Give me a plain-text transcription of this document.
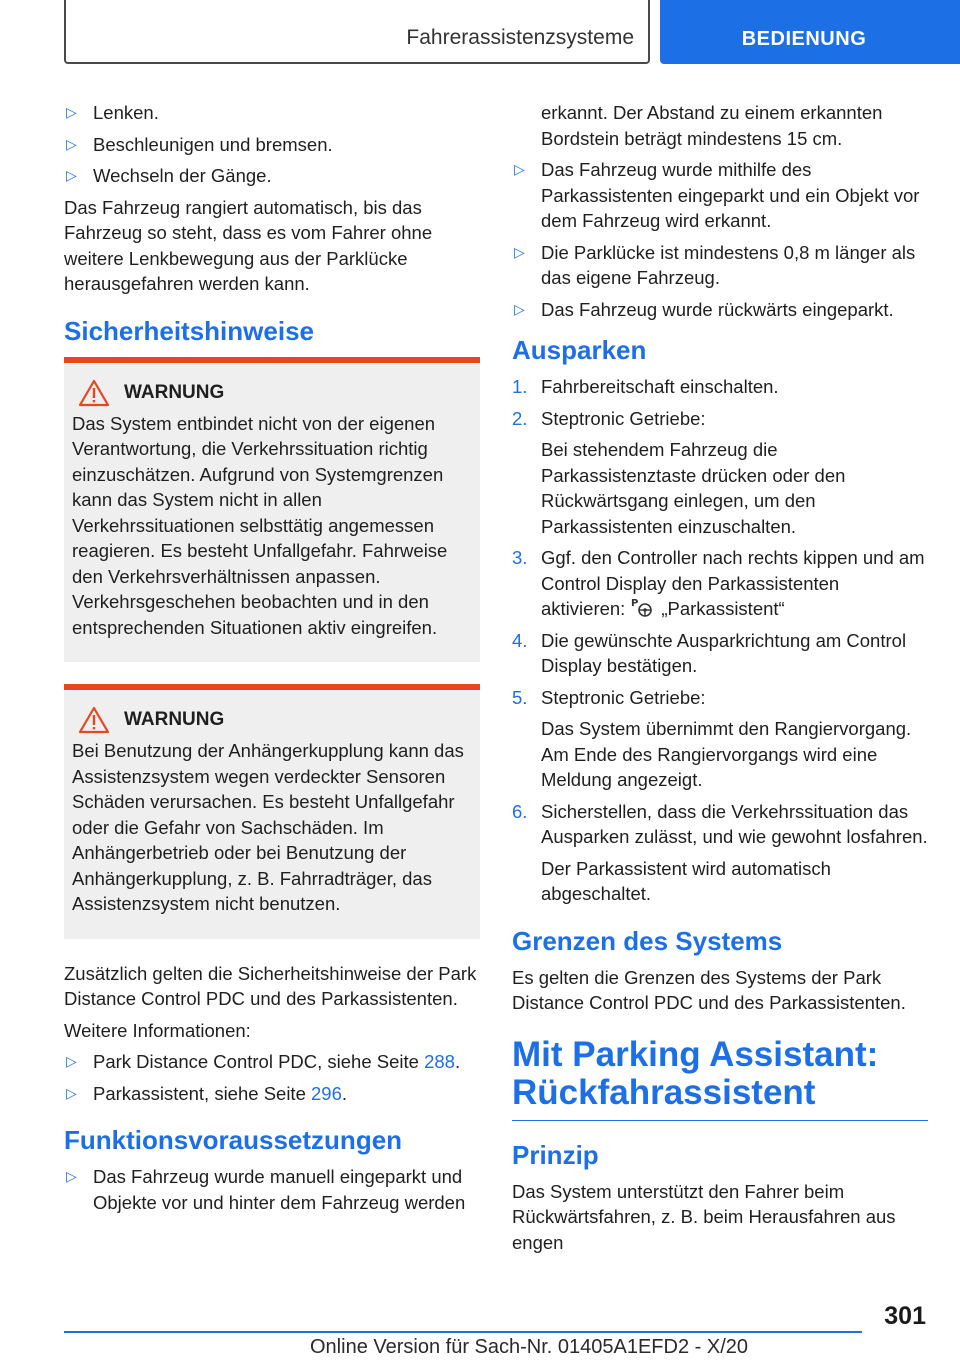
Fahrerassistenzsysteme	BEDIENUNG
▷ Lenken.
▷ Beschleunigen und bremsen.
▷ Wechseln der Gänge.

Das Fahrzeug rangiert automatisch, bis das Fahrzeug so steht, dass es vom Fahrer ohne weitere Lenkbewegung aus der Parklücke herausgefahren werden kann.

Sicherheitshinweise
WARNUNG

Das System entbindet nicht von der eigenen Verantwortung, die Verkehrssituation richtig einzuschätzen. Aufgrund von Systemgrenzen kann das System nicht in allen Verkehrssituationen selbsttätig angemessen reagieren. Es besteht Unfallgefahr. Fahrweise den Verkehrsverhältnissen anpassen. Verkehrsgeschehen beobachten und in den entsprechenden Situationen aktiv eingreifen.

WARNUNG

Bei Benutzung der Anhängerkupplung kann das Assistenzsystem wegen verdeckter Sensoren Schäden verursachen. Es besteht Unfallgefahr oder die Gefahr von Sachschäden. Im Anhängerbetrieb oder bei Benutzung der Anhängerkupplung, z. B. Fahrradträger, das Assistenzsystem nicht benutzen.

Zusätzlich gelten die Sicherheitshinweise der Park Distance Control PDC und des Parkassistenten.

Weitere Informationen:

▷ Park Distance Control PDC, siehe Seite 288.
▷ Parkassistent, siehe Seite 296.
Funktionsvoraussetzungen
▷ Das Fahrzeug wurde manuell eingeparkt und Objekte vor und hinter dem Fahrzeug werden
erkannt. Der Abstand zu einem erkannten Bordstein beträgt mindestens 15 cm.
▷ Das Fahrzeug wurde mithilfe des Parkassistenten eingeparkt und ein Objekt vor dem Fahrzeug wird erkannt.
▷ Die Parklücke ist mindestens 0,8 m länger als das eigene Fahrzeug.
▷ Das Fahrzeug wurde rückwärts eingeparkt.
Ausparken
1. Fahrbereitschaft einschalten.
2. Steptronic Getriebe:
Bei stehendem Fahrzeug die Parkassistenztaste drücken oder den Rückwärtsgang einlegen, um den Parkassistenten einzuschalten.
3. Ggf. den Controller nach rechts kippen und am Control Display den Parkassistenten aktivieren: P „Parkassistent“
4. Die gewünschte Ausparkrichtung am Control Display bestätigen.
5. Steptronic Getriebe:
Das System übernimmt den Rangiervorgang. Am Ende des Rangiervorgangs wird eine Meldung angezeigt.
6. Sicherstellen, dass die Verkehrssituation das Ausparken zulässt, und wie gewohnt losfahren.
Der Parkassistent wird automatisch abgeschaltet.
Grenzen des Systems

Es gelten die Grenzen des Systems der Park Distance Control PDC und des Parkassistenten.

Mit Parking Assistant: Rückfahrassistent
Prinzip

Das System unterstützt den Fahrer beim Rückwärtsfahren, z. B. beim Herausfahren aus engen

301
Online Version für Sach-Nr. 01405A1EFD2 - X/20
